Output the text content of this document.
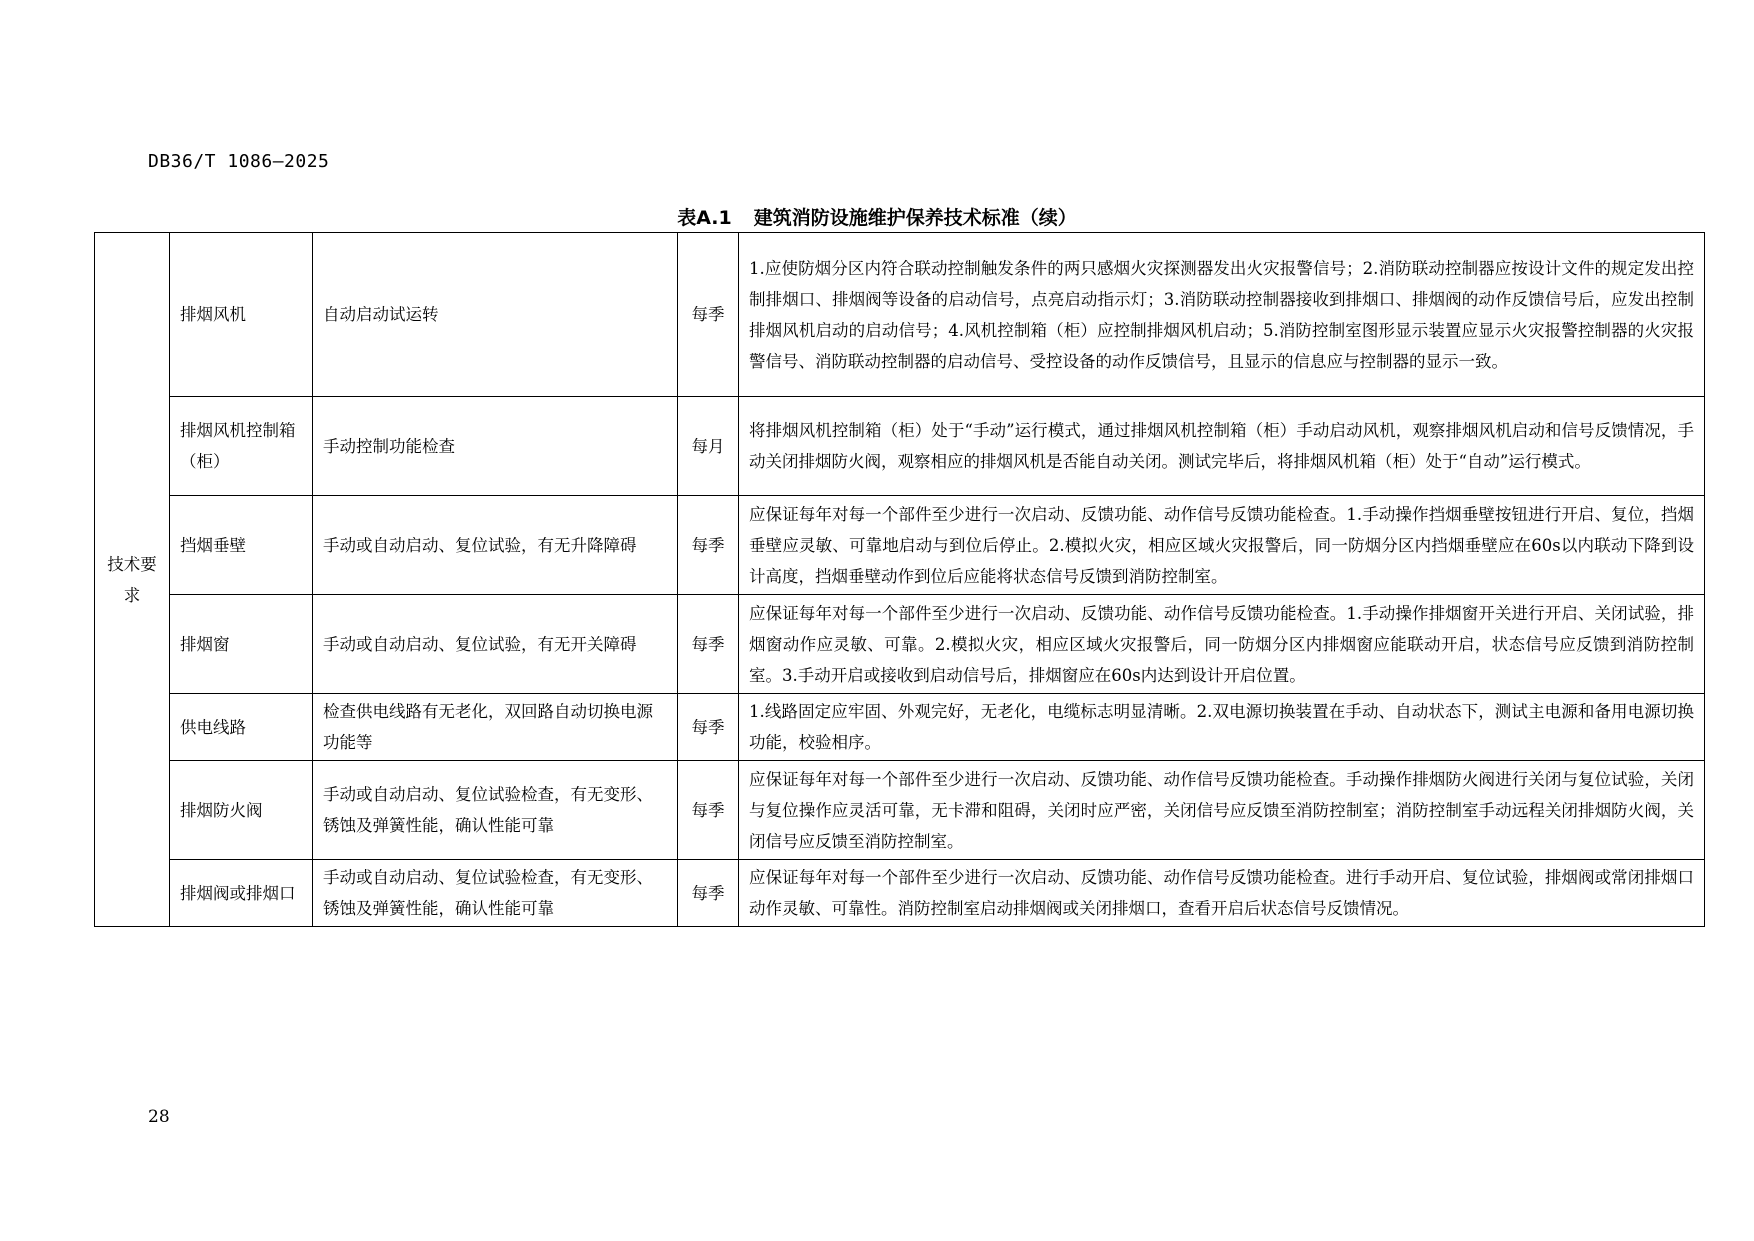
DB36/T 1086—2025
表A.1 建筑消防设施维护保养技术标准（续）
技术要求	排烟风机	自动启动试运转	每季	1.应使防烟分区内符合联动控制触发条件的两只感烟火灾探测器发出火灾报警信号；2.消防联动控制器应按设计文件的规定发出控制排烟口、排烟阀等设备的启动信号，点亮启动指示灯；3.消防联动控制器接收到排烟口、排烟阀的动作反馈信号后，应发出控制排烟风机启动的启动信号；4.风机控制箱（柜）应控制排烟风机启动；5.消防控制室图形显示装置应显示火灾报警控制器的火灾报警信号、消防联动控制器的启动信号、受控设备的动作反馈信号，且显示的信息应与控制器的显示一致。
	排烟风机控制箱（柜）	手动控制功能检查	每月	将排烟风机控制箱（柜）处于“手动”运行模式，通过排烟风机控制箱（柜）手动启动风机，观察排烟风机启动和信号反馈情况，手动关闭排烟防火阀，观察相应的排烟风机是否能自动关闭。测试完毕后，将排烟风机箱（柜）处于“自动”运行模式。
	挡烟垂壁	手动或自动启动、复位试验，有无升降障碍	每季	应保证每年对每一个部件至少进行一次启动、反馈功能、动作信号反馈功能检查。1.手动操作挡烟垂壁按钮进行开启、复位，挡烟垂壁应灵敏、可靠地启动与到位后停止。2.模拟火灾，相应区域火灾报警后，同一防烟分区内挡烟垂壁应在60s以内联动下降到设计高度，挡烟垂壁动作到位后应能将状态信号反馈到消防控制室。
	排烟窗	手动或自动启动、复位试验，有无开关障碍	每季	应保证每年对每一个部件至少进行一次启动、反馈功能、动作信号反馈功能检查。1.手动操作排烟窗开关进行开启、关闭试验，排烟窗动作应灵敏、可靠。2.模拟火灾，相应区域火灾报警后，同一防烟分区内排烟窗应能联动开启，状态信号应反馈到消防控制室。3.手动开启或接收到启动信号后，排烟窗应在60s内达到设计开启位置。
	供电线路	检查供电线路有无老化，双回路自动切换电源功能等	每季	1.线路固定应牢固、外观完好，无老化，电缆标志明显清晰。2.双电源切换装置在手动、自动状态下，测试主电源和备用电源切换功能，校验相序。
	排烟防火阀	手动或自动启动、复位试验检查，有无变形、锈蚀及弹簧性能，确认性能可靠	每季	应保证每年对每一个部件至少进行一次启动、反馈功能、动作信号反馈功能检查。手动操作排烟防火阀进行关闭与复位试验，关闭与复位操作应灵活可靠，无卡滞和阻碍，关闭时应严密，关闭信号应反馈至消防控制室；消防控制室手动远程关闭排烟防火阀，关闭信号应反馈至消防控制室。
	排烟阀或排烟口	手动或自动启动、复位试验检查，有无变形、锈蚀及弹簧性能，确认性能可靠	每季	应保证每年对每一个部件至少进行一次启动、反馈功能、动作信号反馈功能检查。进行手动开启、复位试验，排烟阀或常闭排烟口动作灵敏、可靠性。消防控制室启动排烟阀或关闭排烟口，查看开启后状态信号反馈情况。
28
